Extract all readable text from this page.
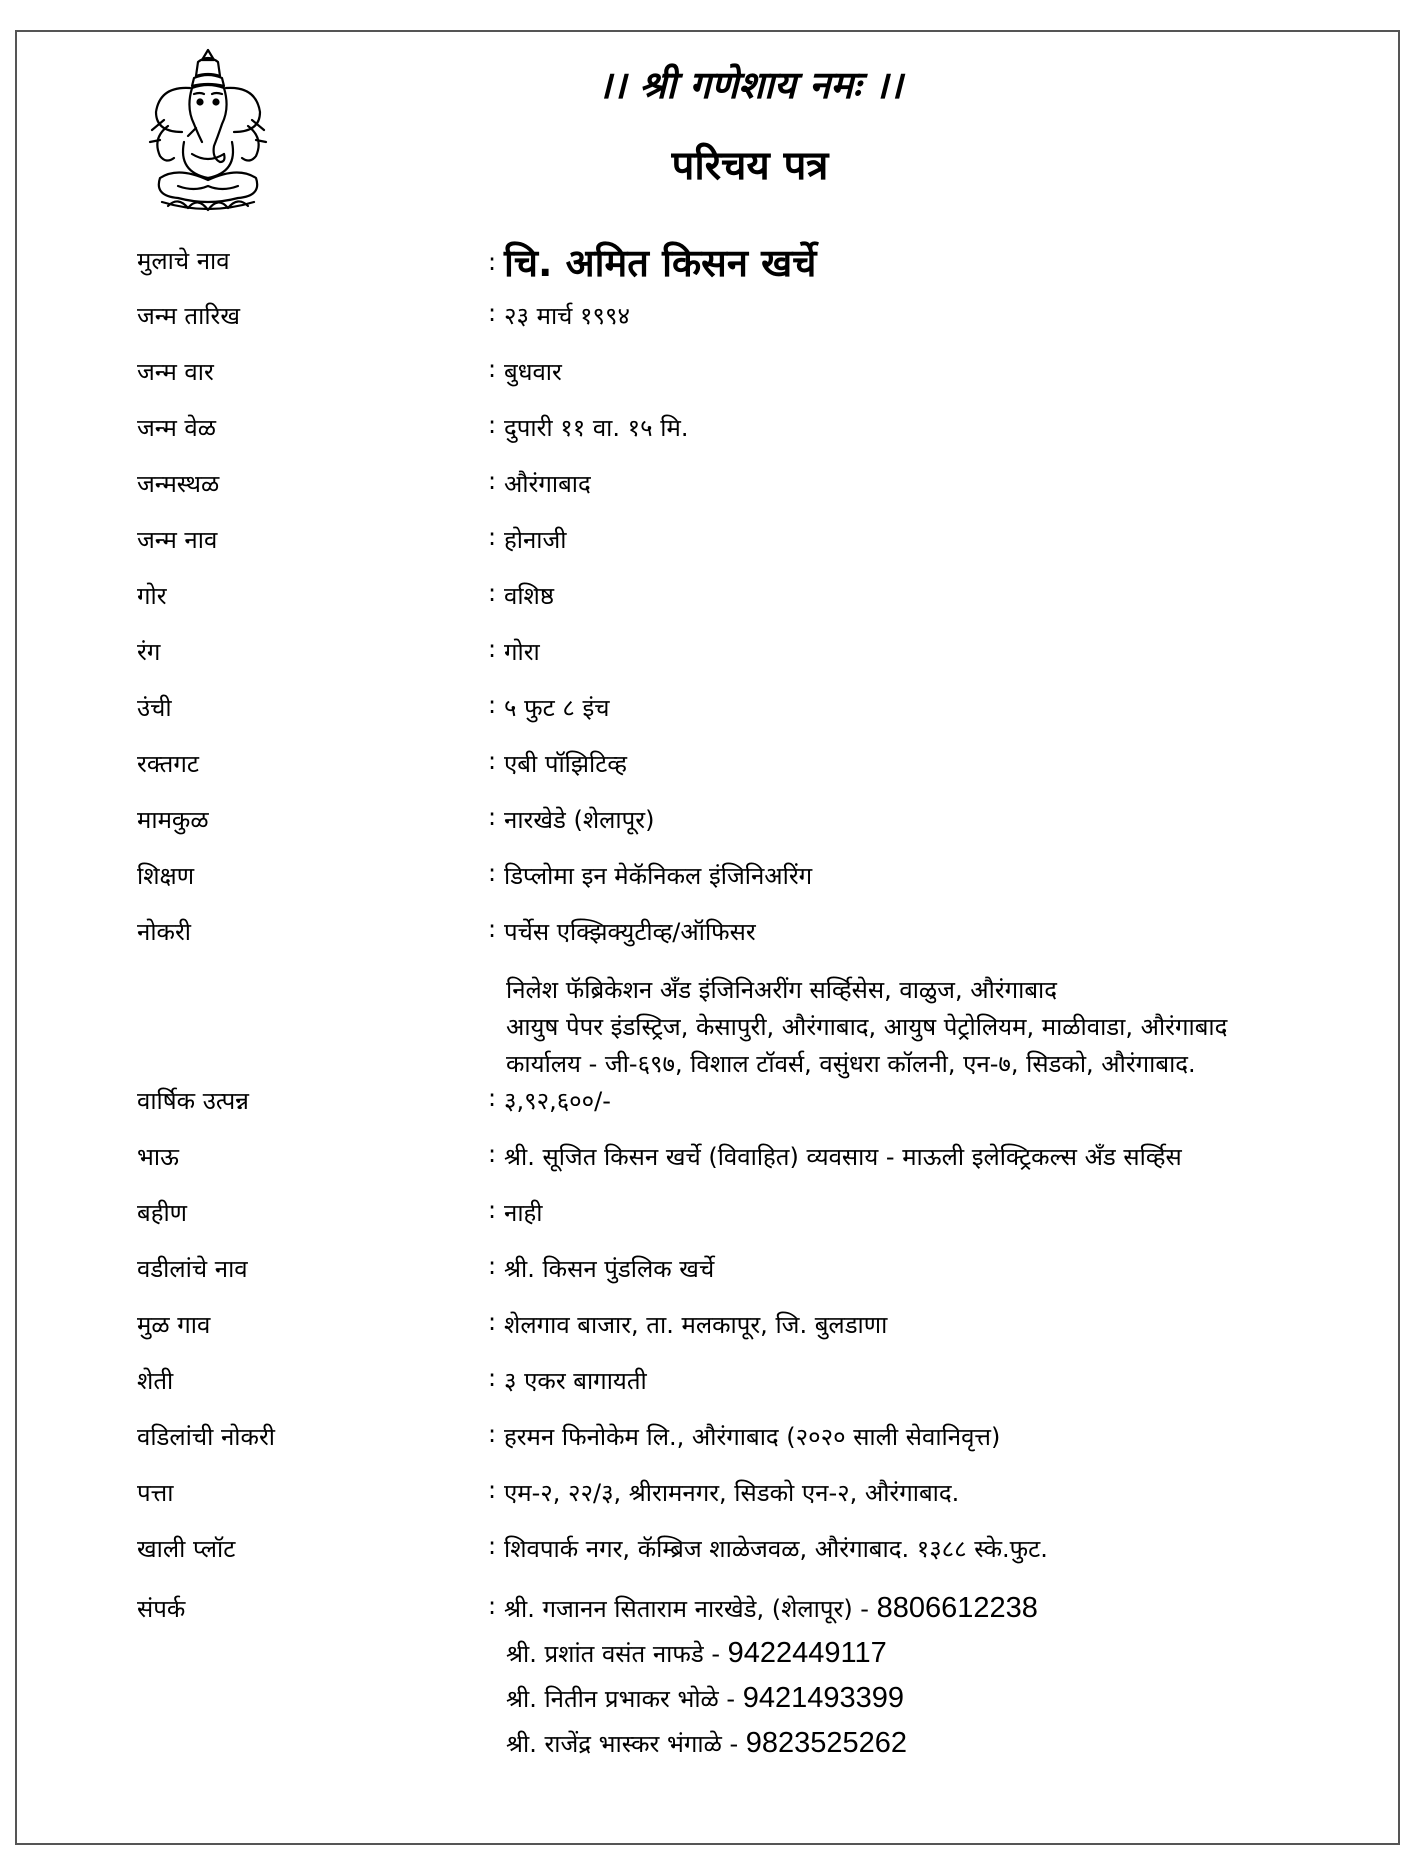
।। श्री गणेशाय नमः ।।
परिचय पत्र
मुलाचे नाव	: चि. अमित किसन खर्चे
जन्म तारिख	: २३ मार्च १९९४
जन्म वार	: बुधवार
जन्म वेळ	: दुपारी ११ वा. १५ मि.
जन्मस्थळ	: औरंगाबाद
जन्म नाव	: होनाजी
गोर	: वशिष्ठ
रंग	: गोरा
उंची	: ५ फुट ८ इंच
रक्तगट	: एबी पॉझिटिव्ह
मामकुळ	: नारखेडे (शेलापूर)
शिक्षण	: डिप्लोमा इन मेकॅनिकल इंजिनिअरिंग
नोकरी	: पर्चेस एक्झिक्युटीव्ह/ऑफिसर
निलेश फॅब्रिकेशन अँड इंजिनिअरींग सर्व्हिसेस, वाळुज, औरंगाबाद
आयुष पेपर इंडस्ट्रिज, केसापुरी, औरंगाबाद, आयुष पेट्रोलियम, माळीवाडा, औरंगाबाद
कार्यालय - जी-६९७, विशाल टॉवर्स, वसुंधरा कॉलनी, एन-७, सिडको, औरंगाबाद.
वार्षिक उत्पन्न	: ३,९२,६००/-
भाऊ	: श्री. सूजित किसन खर्चे (विवाहित) व्यवसाय - माऊली इलेक्ट्रिकल्स अँड सर्व्हिस
बहीण	: नाही
वडीलांचे नाव	: श्री. किसन पुंडलिक खर्चे
मुळ गाव	: शेलगाव बाजार, ता. मलकापूर, जि. बुलडाणा
शेती	: ३ एकर बागायती
वडिलांची नोकरी	: हरमन फिनोकेम लि., औरंगाबाद (२०२० साली सेवानिवृत्त)
पत्ता	: एम-२, २२/३, श्रीरामनगर, सिडको एन-२, औरंगाबाद.
खाली प्लॉट	: शिवपार्क नगर, कॅम्ब्रिज शाळेजवळ, औरंगाबाद. १३८८ स्के.फुट.
संपर्क	: श्री. गजानन सिताराम नारखेडे, (शेलापूर) - 8806612238
श्री. प्रशांत वसंत नाफडे - 9422449117
श्री. नितीन प्रभाकर भोळे - 9421493399
श्री. राजेंद्र भास्कर भंगाळे - 9823525262
